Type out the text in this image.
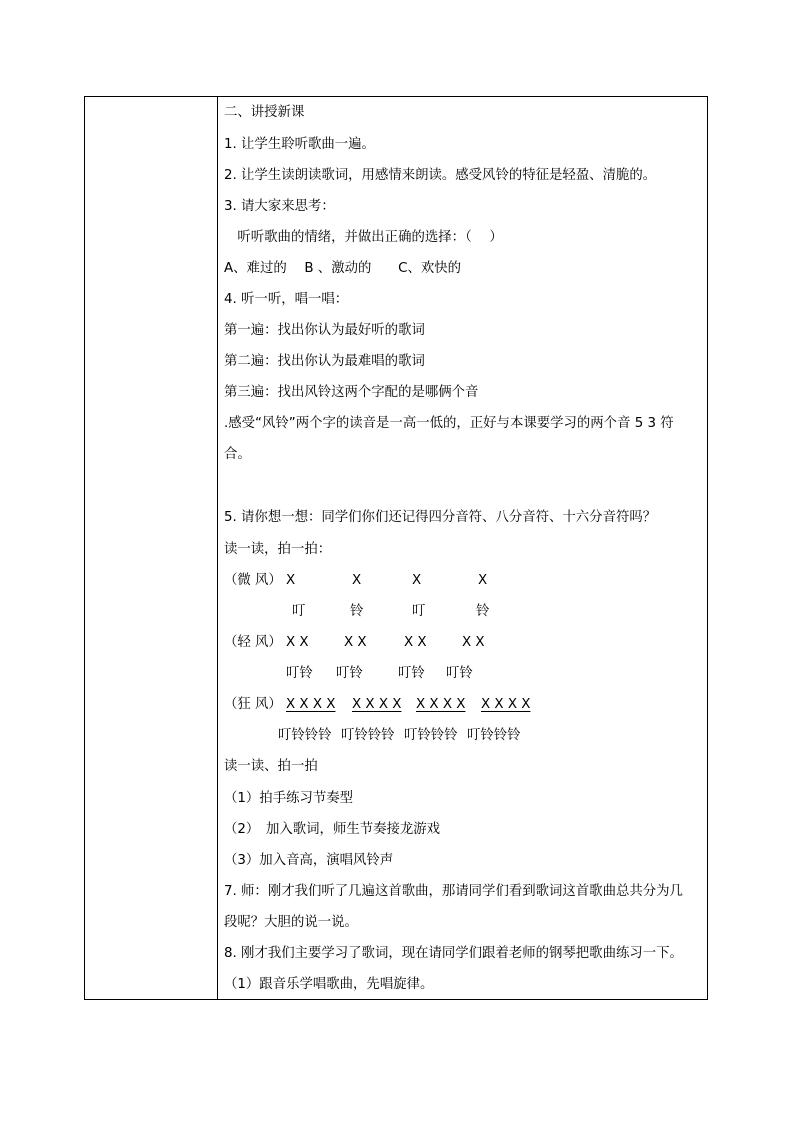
二、讲授新课
1. 让学生聆听歌曲一遍。
2. 让学生读朗读歌词，用感情来朗读。感受风铃的特征是轻盈、清脆的。
3. 请大家来思考：
　听听歌曲的情绪，并做出正确的选择：（　 ）
A、难过的　 B 、激动的　　C、欢快的
4. 听一听，唱一唱：
第一遍：找出你认为最好听的歌词
第二遍：找出你认为最难唱的歌词
第三遍：找出风铃这两个字配的是哪俩个音
.感受“风铃”两个字的读音是一高一低的，正好与本课要学习的两个音 5 3 符
合。
5. 请你想一想：同学们你们还记得四分音符、八分音符、十六分音符吗？
读一读，拍一拍：
（微 风） X	X	X	X
叮	铃	叮	铃
（轻 风） X X	X X	X X	X X
叮铃 叮铃	叮铃 叮铃
（狂 风） X X X X X X X X X X X X X X X X
叮铃铃铃 叮铃铃铃 叮铃铃铃 叮铃铃铃
读一读、拍一拍
（1）拍手练习节奏型
（2）　加入歌词，师生节奏接龙游戏
（3）加入音高，演唱风铃声
7. 师：刚才我们听了几遍这首歌曲，那请同学们看到歌词这首歌曲总共分为几
段呢？大胆的说一说。
8. 刚才我们主要学习了歌词，现在请同学们跟着老师的钢琴把歌曲练习一下。
（1）跟音乐学唱歌曲，先唱旋律。
